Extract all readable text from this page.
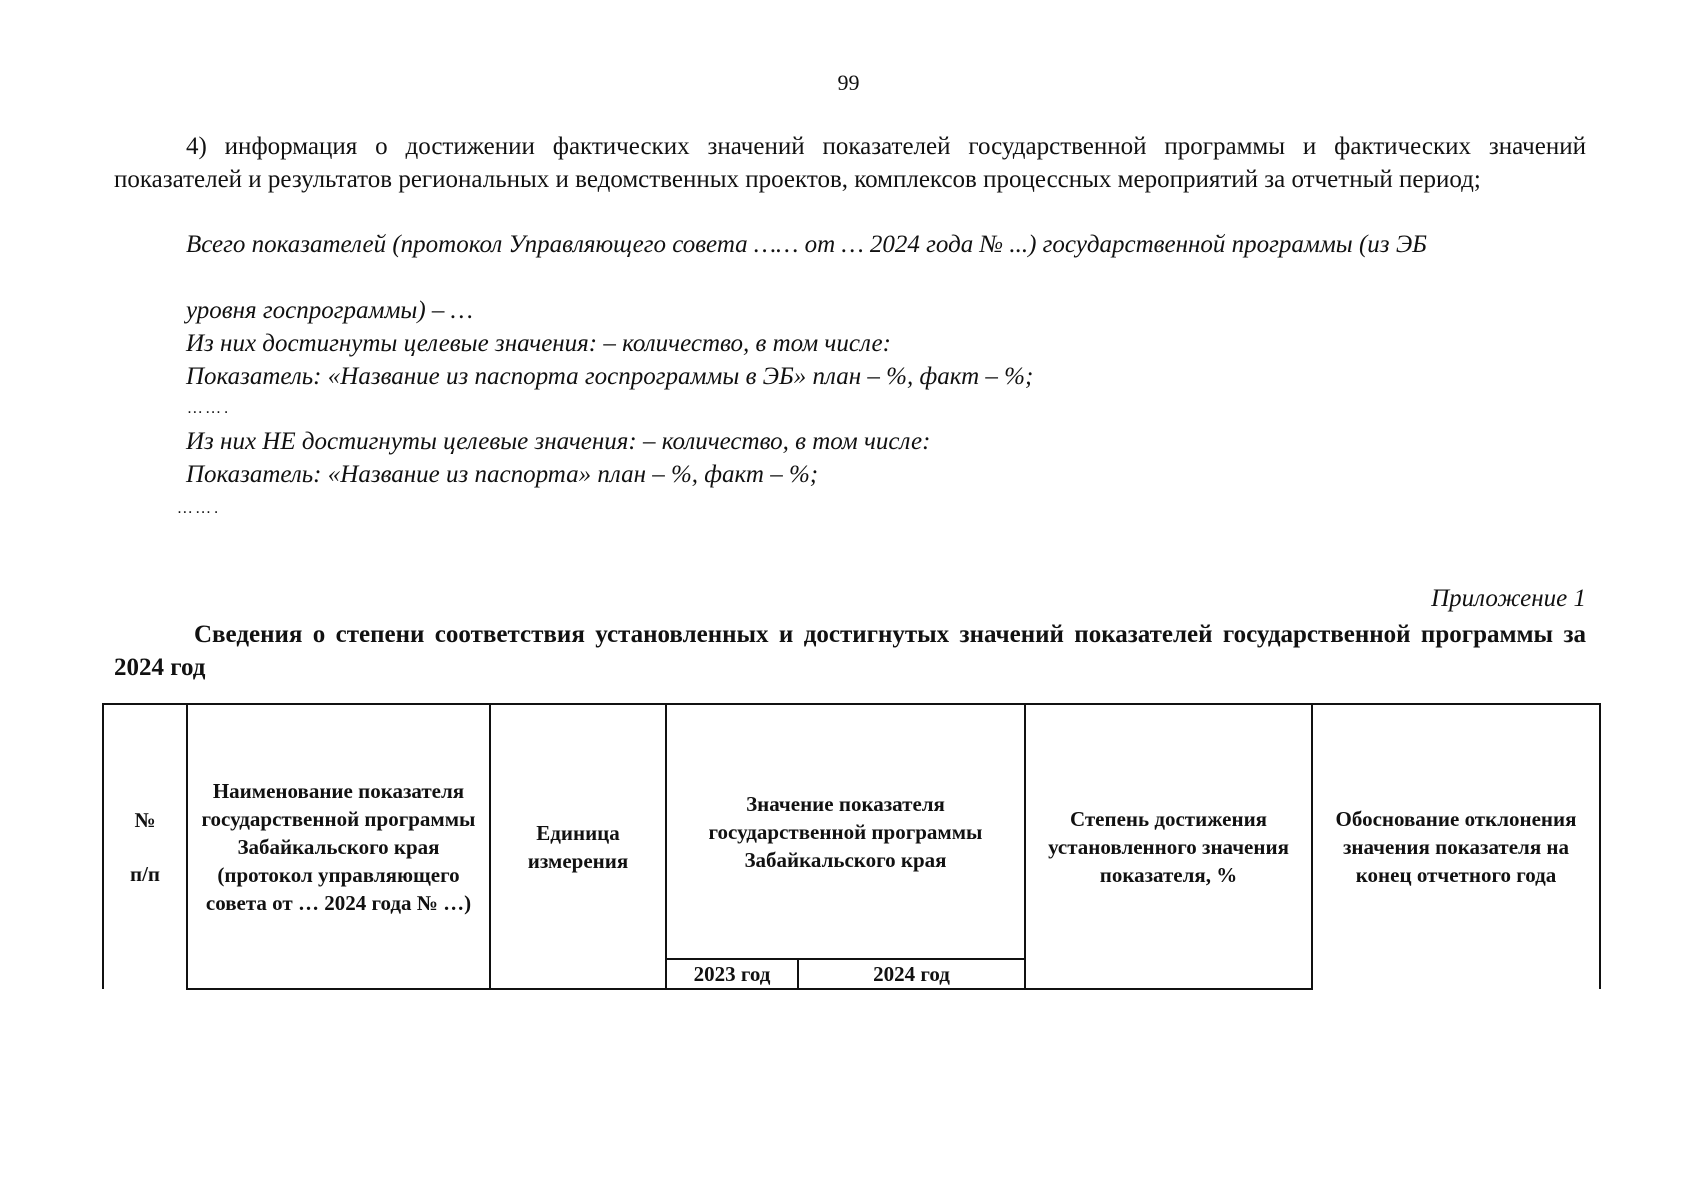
99
4) информация о достижении фактических значений показателей государственной программы и фактических значений показателей и результатов региональных и ведомственных проектов, комплексов процессных мероприятий за отчетный период;
Всего показателей (протокол Управляющего совета …… от … 2024 года № ...) государственной программы (из ЭБ
уровня госпрограммы) – …
Из них достигнуты целевые значения: – количество, в том числе:
Показатель: «Название из паспорта госпрограммы в ЭБ» план – %, факт – %;
… … .
Из них НЕ достигнуты целевые значения: – количество, в том числе:
Показатель: «Название из паспорта» план – %, факт – %;
… … .
Приложение 1
Сведения о степени соответствия установленных и достигнутых значений показателей государственной программы за 2024 год
№
п/п	Наименование показателя государственной программы Забайкальского края (протокол управляющего совета от … 2024 года № …)	Единица измерения	Значение показателя государственной программы Забайкальского края		Степень достижения установленного значения показателя, %	Обоснование отклонения значения показателя на конец отчетного года
			2023 год	2024 год		
